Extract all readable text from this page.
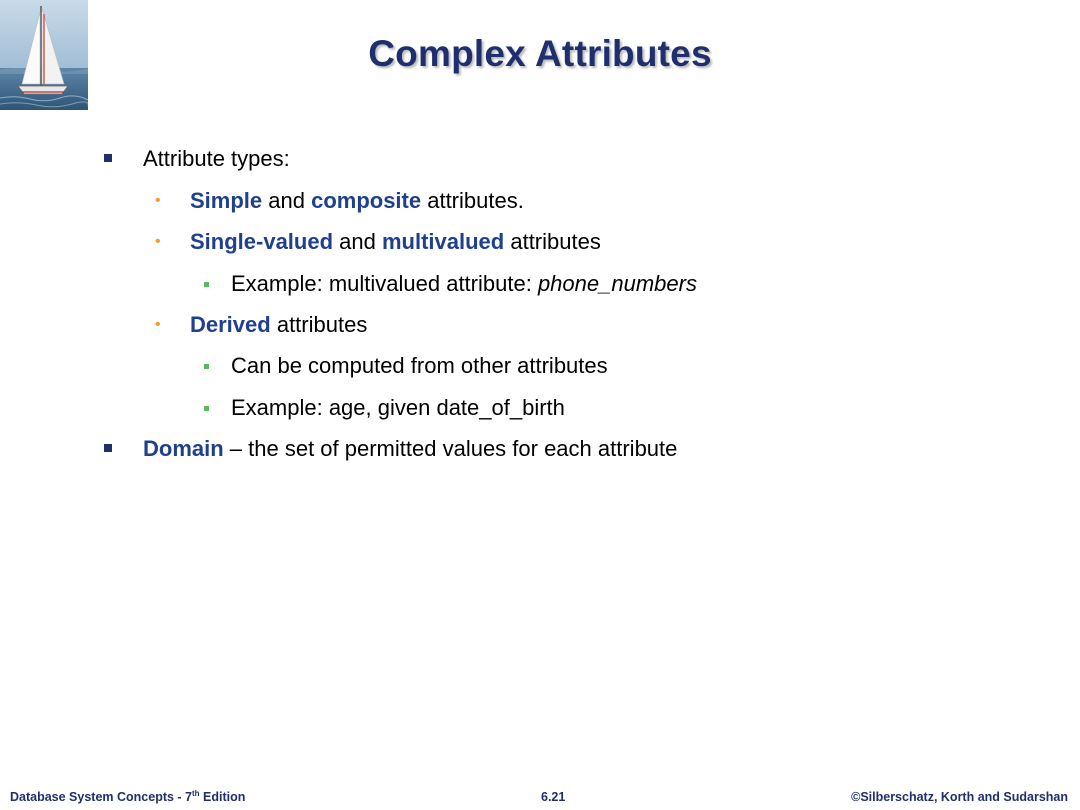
Complex Attributes
Attribute types:
• Simple and composite attributes.
• Single-valued and multivalued attributes
Example: multivalued attribute: phone_numbers
• Derived attributes
Can be computed from other attributes
Example: age, given date_of_birth
Domain – the set of permitted values for each attribute
Database System Concepts - 7th Edition	6.21	©Silberschatz, Korth and Sudarshan
